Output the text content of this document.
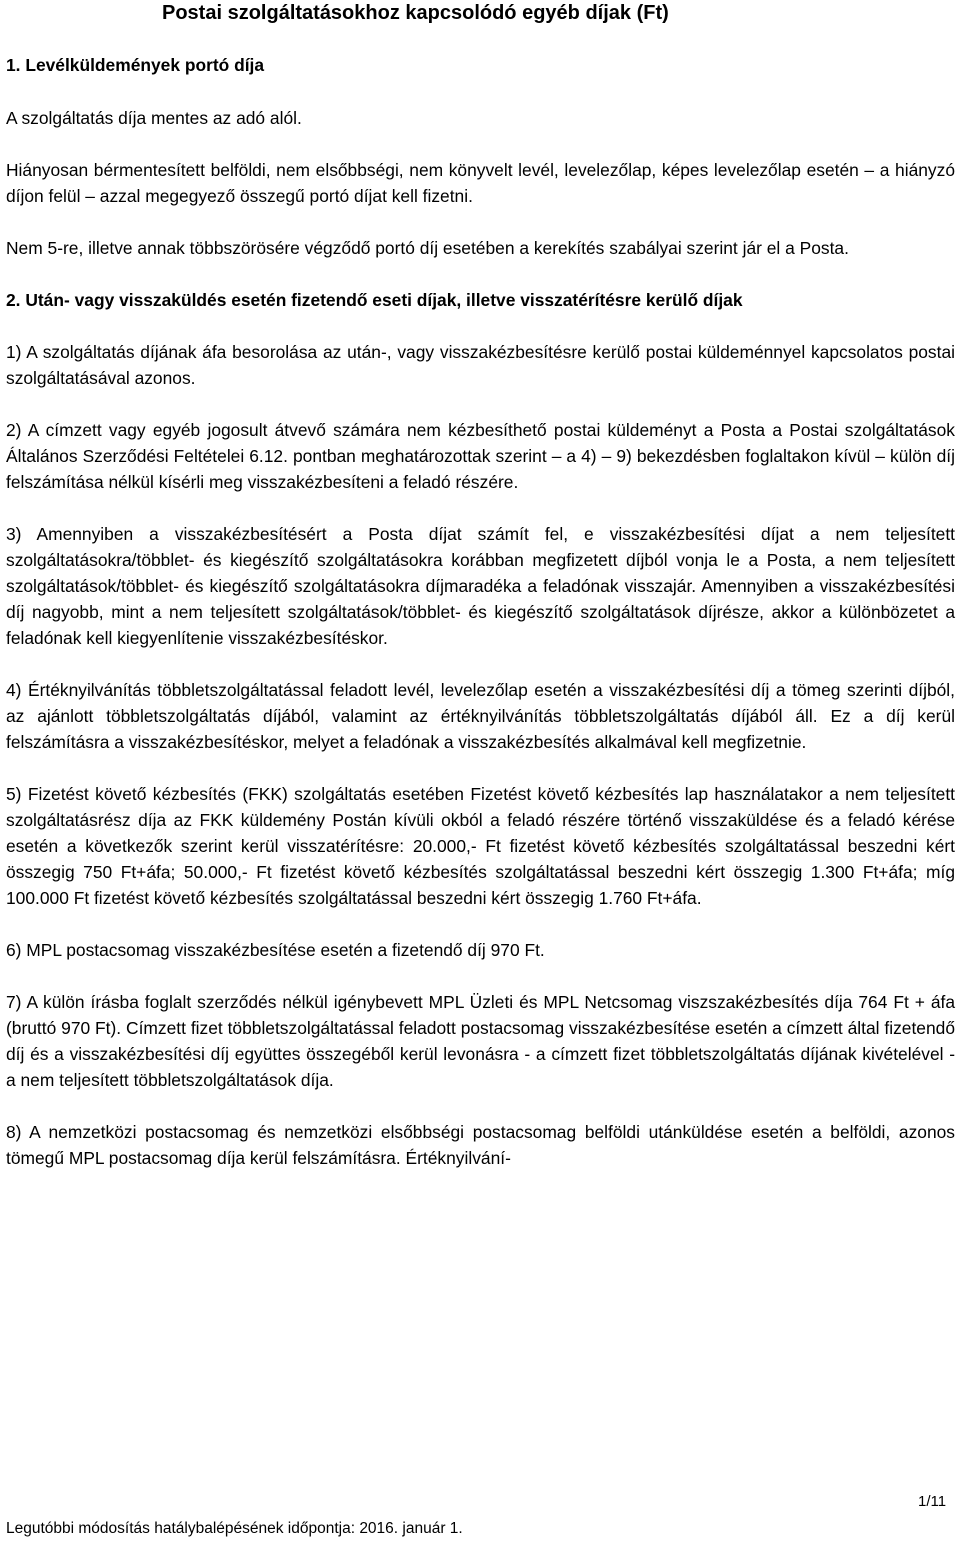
Postai szolgáltatásokhoz kapcsolódó egyéb díjak (Ft)

1. Levélküldemények portó díja

A szolgáltatás díja mentes az adó alól.

Hiányosan bérmentesített belföldi, nem elsőbbségi, nem könyvelt levél, levelezőlap, képes levelezőlap esetén – a hiányzó díjon felül – azzal megegyező összegű portó díjat kell fizetni.

Nem 5-re, illetve annak többszörösére végződő portó díj esetében a kerekítés szabályai szerint jár el a Posta.

2. Után- vagy visszaküldés esetén fizetendő eseti díjak, illetve visszatérítésre kerülő díjak

1) A szolgáltatás díjának áfa besorolása az után-, vagy visszakézbesítésre kerülő postai küldeménnyel kapcsolatos postai szolgáltatásával azonos.

2) A címzett vagy egyéb jogosult átvevő számára nem kézbesíthető postai küldeményt a Posta a Postai szolgáltatások Általános Szerződési Feltételei 6.12. pontban meghatározottak szerint – a 4) – 9) bekezdésben foglaltakon kívül – külön díj felszámítása nélkül kísérli meg visszakézbesíteni a feladó részére.

3) Amennyiben a visszakézbesítésért a Posta díjat számít fel, e visszakézbesítési díjat a nem teljesített szolgáltatásokra/többlet- és kiegészítő szolgáltatásokra korábban megfizetett díjból vonja le a Posta, a nem teljesített szolgáltatások/többlet- és kiegészítő szolgáltatásokra díjmaradéka a feladónak visszajár. Amennyiben a visszakézbesítési díj nagyobb, mint a nem teljesített szolgáltatások/többlet- és kiegészítő szolgáltatások díjrésze, akkor a különbözetet a feladónak kell kiegyenlítenie visszakézbesítéskor.

4) Értéknyilvánítás többletszolgáltatással feladott levél, levelezőlap esetén a visszakézbesítési díj a tömeg szerinti díjból, az ajánlott többletszolgáltatás díjából, valamint az értéknyilvánítás többletszolgáltatás díjából áll. Ez a díj kerül felszámításra a visszakézbesítéskor, melyet a feladónak a visszakézbesítés alkalmával kell megfizetnie.

5) Fizetést követő kézbesítés (FKK) szolgáltatás esetében Fizetést követő kézbesítés lap használatakor a nem teljesített szolgáltatásrész díja az FKK küldemény Postán kívüli okból a feladó részére történő visszaküldése és a feladó kérése esetén a következők szerint kerül visszatérítésre: 20.000,- Ft fizetést követő kézbesítés szolgáltatással beszedni kért összegig 750 Ft+áfa; 50.000,- Ft fizetést követő kézbesítés szolgáltatással beszedni kért összegig 1.300 Ft+áfa; míg 100.000 Ft fizetést követő kézbesítés szolgáltatással beszedni kért összegig 1.760 Ft+áfa.

6) MPL postacsomag visszakézbesítése esetén a fizetendő díj 970 Ft.

7) A külön írásba foglalt szerződés nélkül igénybevett MPL Üzleti és MPL Netcsomag viszszakézbesítés díja 764 Ft + áfa (bruttó 970 Ft). Címzett fizet többletszolgáltatással feladott postacsomag visszakézbesítése esetén a címzett által fizetendő díj és a visszakézbesítési díj együttes összegéből kerül levonásra - a címzett fizet többletszolgáltatás díjának kivételével - a nem teljesített többletszolgáltatások díja.

8) A nemzetközi postacsomag és nemzetközi elsőbbségi postacsomag belföldi utánküldése esetén a belföldi, azonos tömegű MPL postacsomag díja kerül felszámításra. Értéknyilvání-

1/11
Legutóbbi módosítás hatálybalépésének időpontja: 2016. január 1.
